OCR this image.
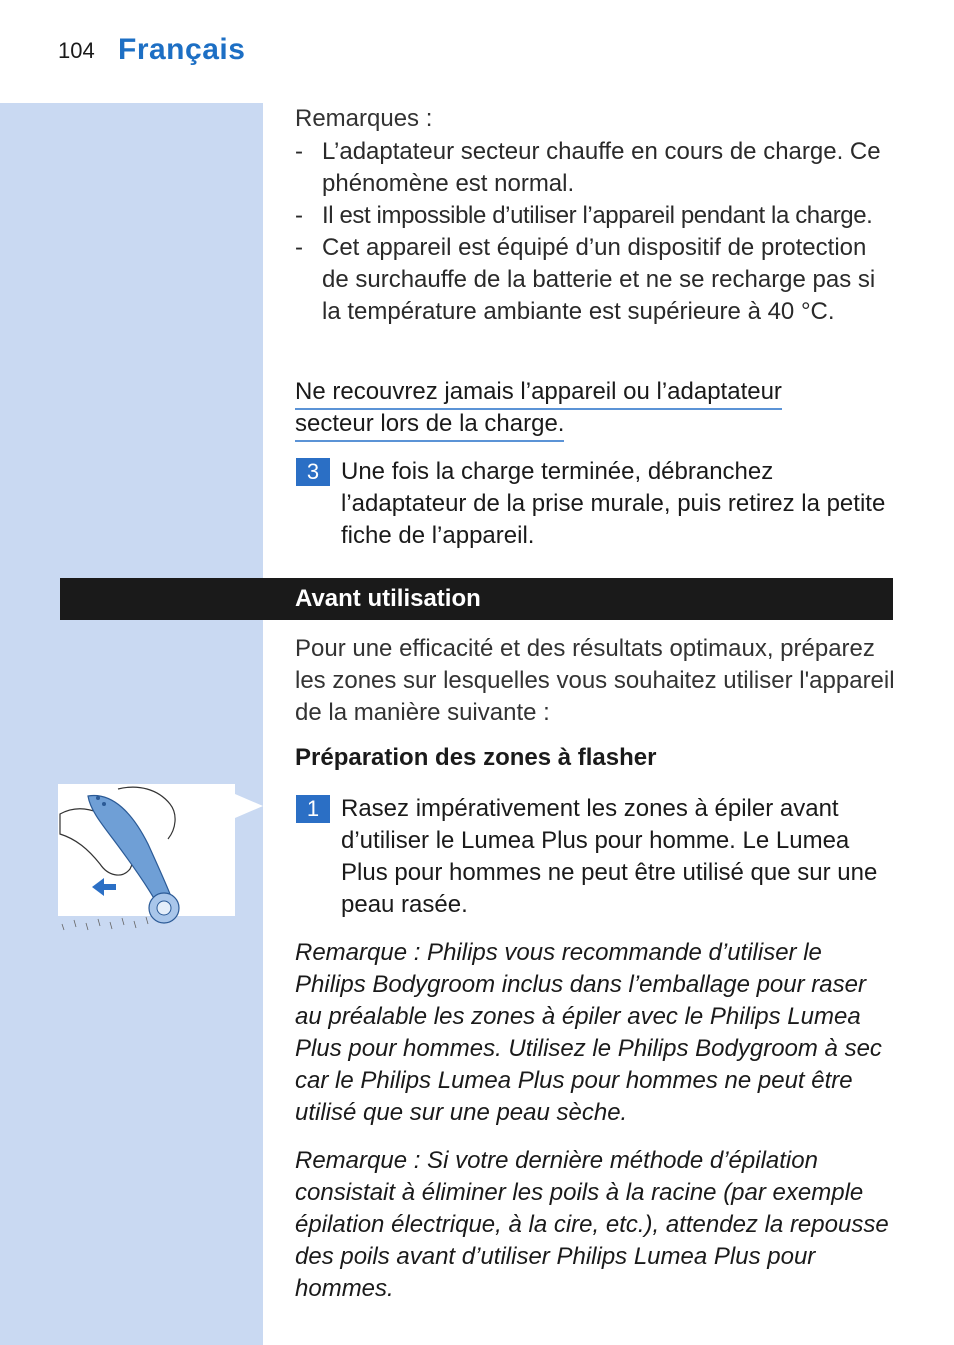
104 Français
Remarques :
- L’adaptateur secteur chauffe en cours de charge. Ce phénomène est normal.
- Il est impossible d’utiliser l’appareil pendant la charge.
- Cet appareil est équipé d’un dispositif de protection de surchauffe de la batterie et ne se recharge pas si la température ambiante est supérieure à 40 °C.
Ne recouvrez jamais l’appareil ou l’adaptateur
secteur lors de la charge.
3 Une fois la charge terminée, débranchez l’adaptateur de la prise murale, puis retirez la petite fiche de l’appareil.
Avant utilisation
Pour une efficacité et des résultats optimaux, préparez les zones sur lesquelles vous souhaitez utiliser l'appareil de la manière suivante :
Préparation des zones à flasher
1 Rasez impérativement les zones à épiler avant d’utiliser le Lumea Plus pour homme. Le Lumea Plus pour hommes ne peut être utilisé que sur une peau rasée.
Remarque : Philips vous recommande d’utiliser le Philips Bodygroom inclus dans l’emballage pour raser au préalable les zones à épiler avec le Philips Lumea Plus pour hommes. Utilisez le Philips Bodygroom à sec car le Philips Lumea Plus pour hommes ne peut être utilisé que sur une peau sèche.
Remarque : Si votre dernière méthode d’épilation consistait à éliminer les poils à la racine (par exemple épilation électrique, à la cire, etc.), attendez la repousse des poils avant d’utiliser Philips Lumea Plus pour hommes.
